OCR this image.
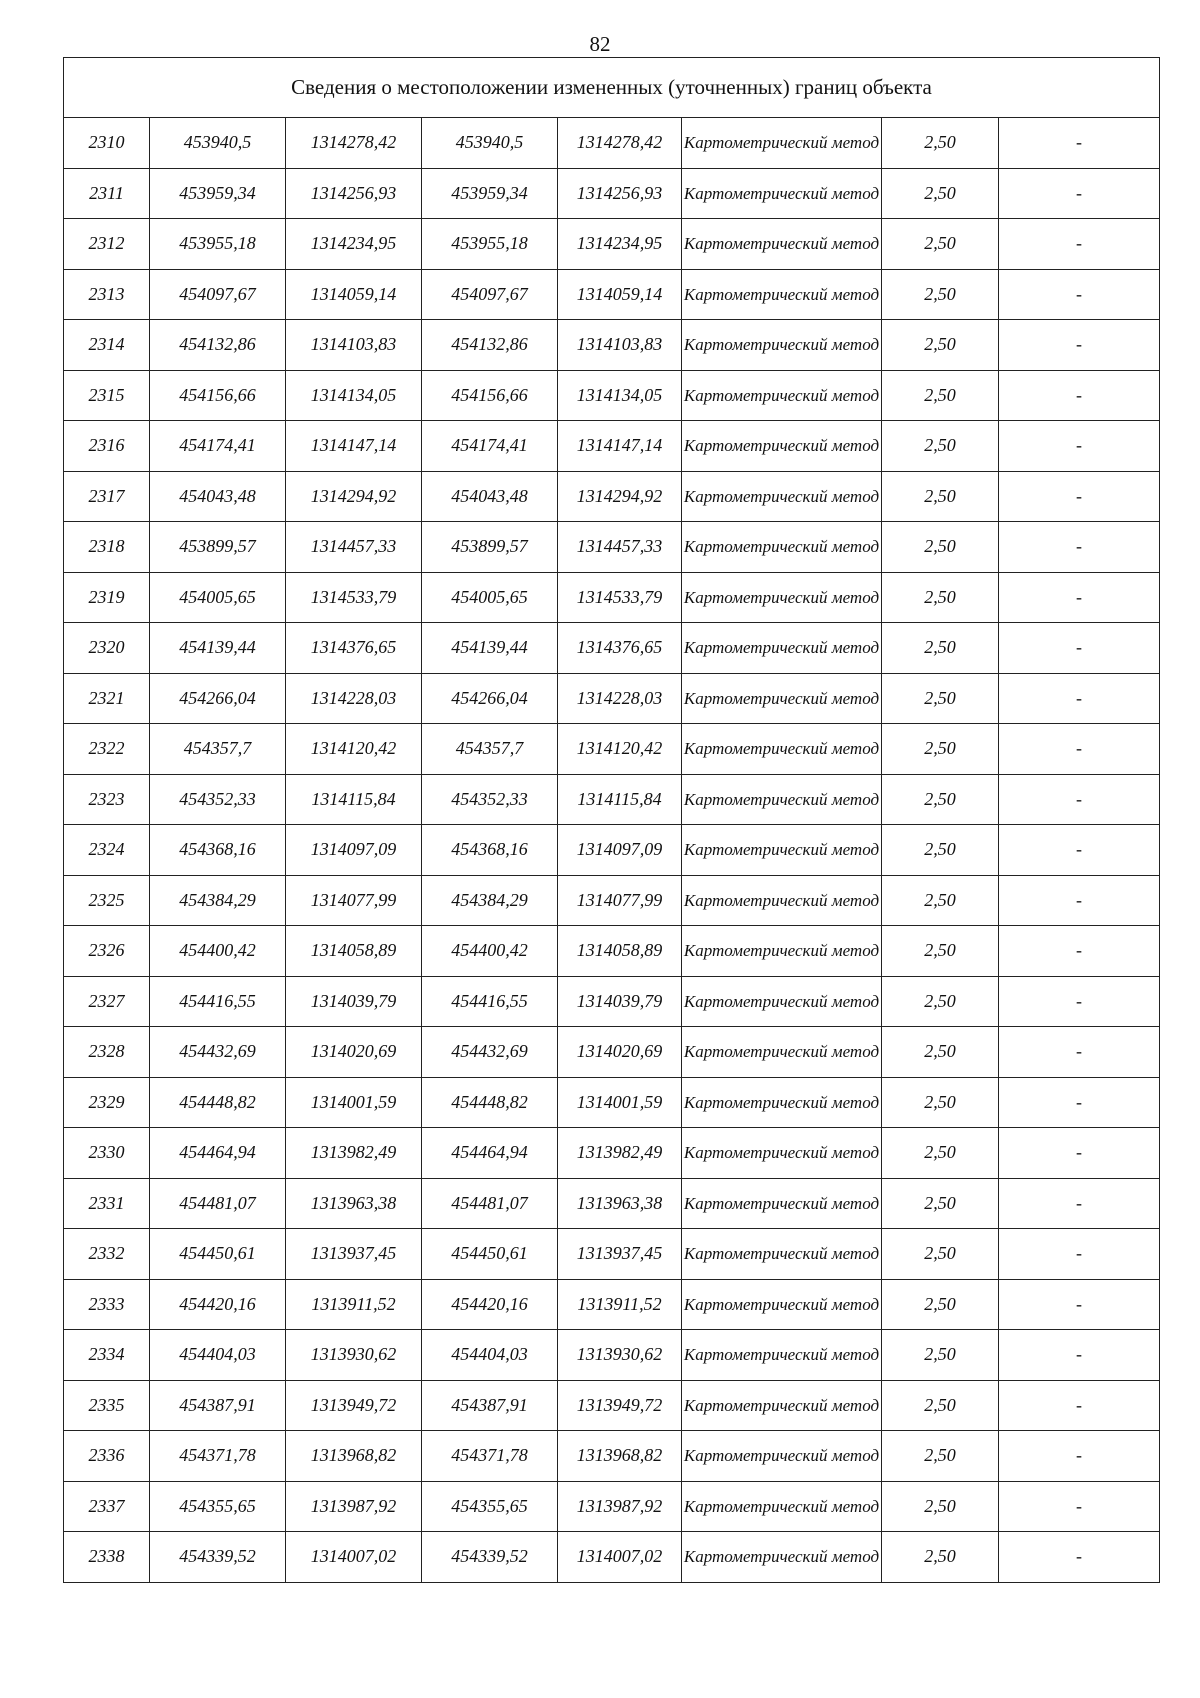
82
Сведения о местоположении измененных (уточненных) границ объекта							
2310	453940,5	1314278,42	453940,5	1314278,42	Картометрический метод	2,50	-
2311	453959,34	1314256,93	453959,34	1314256,93	Картометрический метод	2,50	-
2312	453955,18	1314234,95	453955,18	1314234,95	Картометрический метод	2,50	-
2313	454097,67	1314059,14	454097,67	1314059,14	Картометрический метод	2,50	-
2314	454132,86	1314103,83	454132,86	1314103,83	Картометрический метод	2,50	-
2315	454156,66	1314134,05	454156,66	1314134,05	Картометрический метод	2,50	-
2316	454174,41	1314147,14	454174,41	1314147,14	Картометрический метод	2,50	-
2317	454043,48	1314294,92	454043,48	1314294,92	Картометрический метод	2,50	-
2318	453899,57	1314457,33	453899,57	1314457,33	Картометрический метод	2,50	-
2319	454005,65	1314533,79	454005,65	1314533,79	Картометрический метод	2,50	-
2320	454139,44	1314376,65	454139,44	1314376,65	Картометрический метод	2,50	-
2321	454266,04	1314228,03	454266,04	1314228,03	Картометрический метод	2,50	-
2322	454357,7	1314120,42	454357,7	1314120,42	Картометрический метод	2,50	-
2323	454352,33	1314115,84	454352,33	1314115,84	Картометрический метод	2,50	-
2324	454368,16	1314097,09	454368,16	1314097,09	Картометрический метод	2,50	-
2325	454384,29	1314077,99	454384,29	1314077,99	Картометрический метод	2,50	-
2326	454400,42	1314058,89	454400,42	1314058,89	Картометрический метод	2,50	-
2327	454416,55	1314039,79	454416,55	1314039,79	Картометрический метод	2,50	-
2328	454432,69	1314020,69	454432,69	1314020,69	Картометрический метод	2,50	-
2329	454448,82	1314001,59	454448,82	1314001,59	Картометрический метод	2,50	-
2330	454464,94	1313982,49	454464,94	1313982,49	Картометрический метод	2,50	-
2331	454481,07	1313963,38	454481,07	1313963,38	Картометрический метод	2,50	-
2332	454450,61	1313937,45	454450,61	1313937,45	Картометрический метод	2,50	-
2333	454420,16	1313911,52	454420,16	1313911,52	Картометрический метод	2,50	-
2334	454404,03	1313930,62	454404,03	1313930,62	Картометрический метод	2,50	-
2335	454387,91	1313949,72	454387,91	1313949,72	Картометрический метод	2,50	-
2336	454371,78	1313968,82	454371,78	1313968,82	Картометрический метод	2,50	-
2337	454355,65	1313987,92	454355,65	1313987,92	Картометрический метод	2,50	-
2338	454339,52	1314007,02	454339,52	1314007,02	Картометрический метод	2,50	-
